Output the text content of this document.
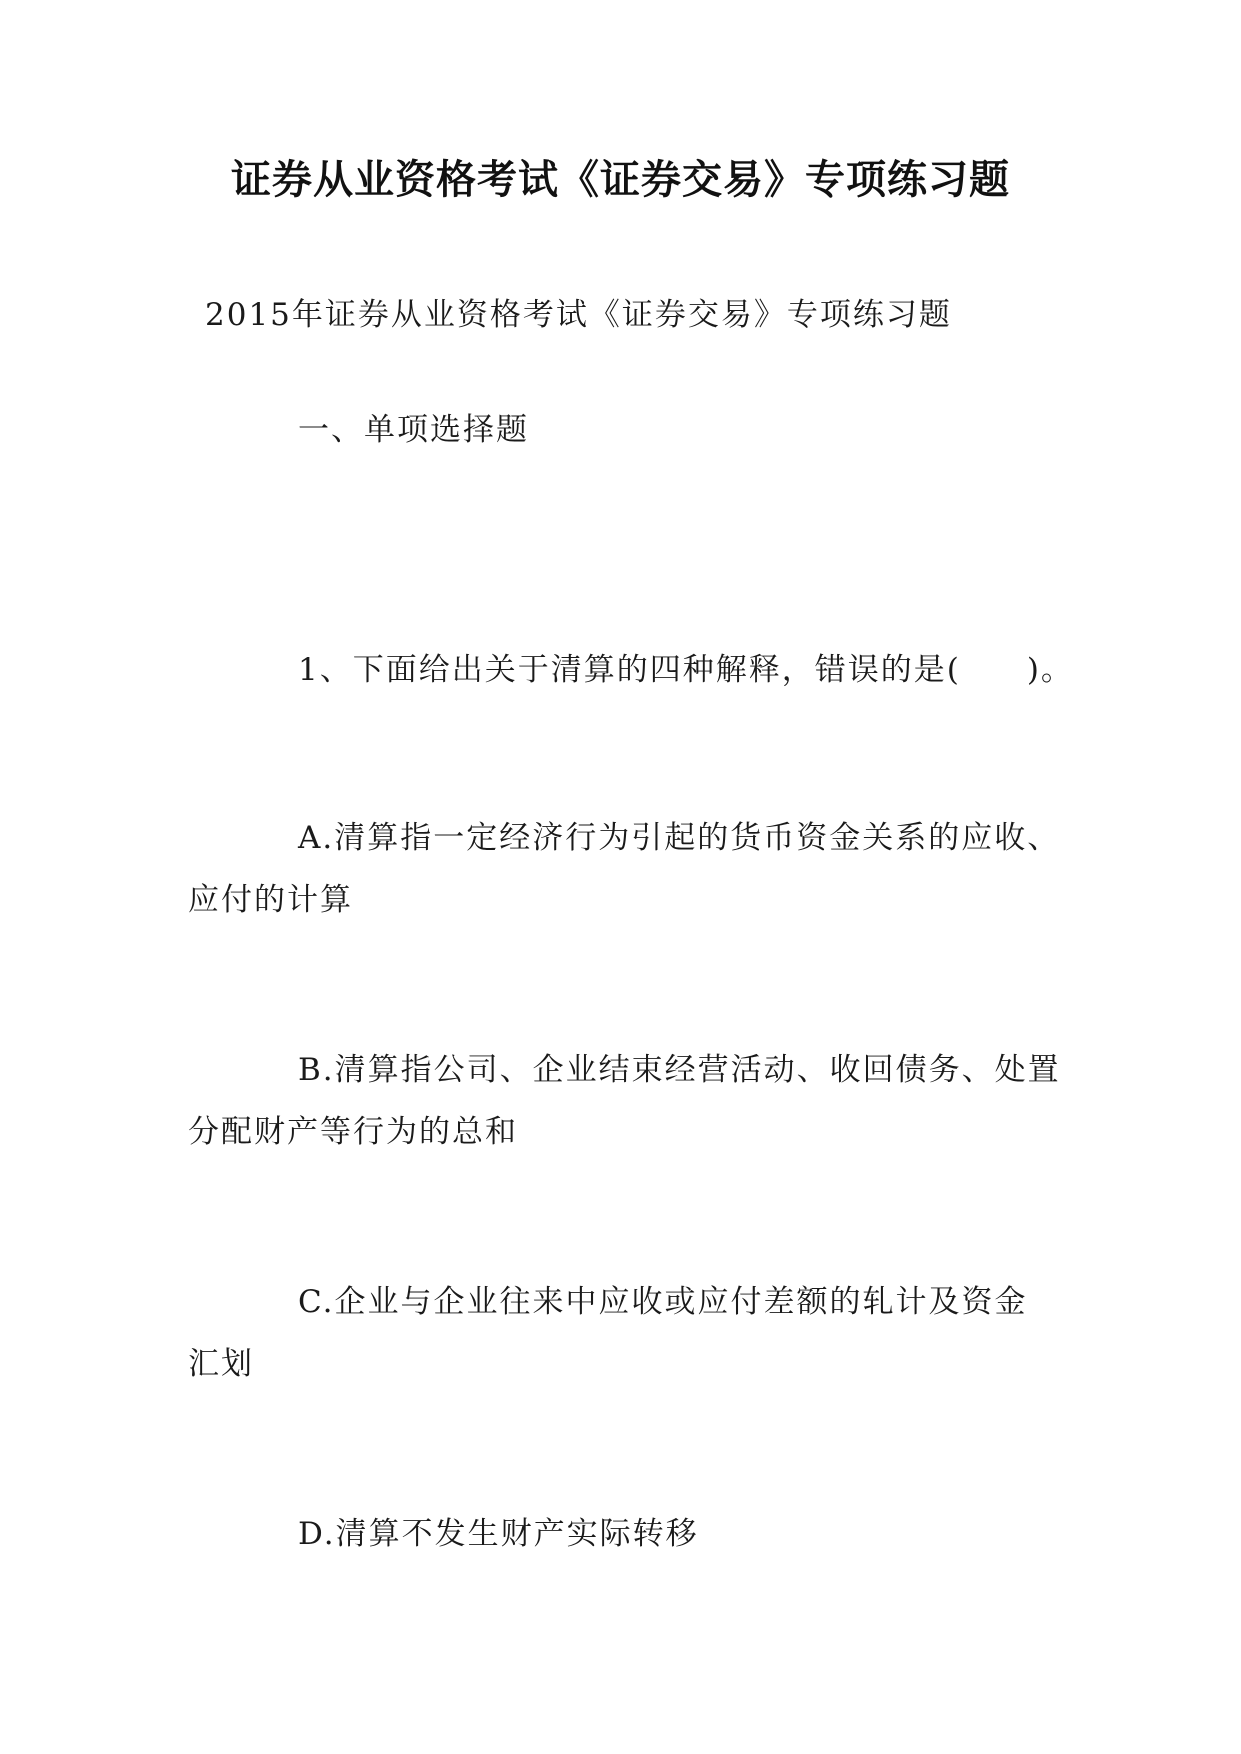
证券从业资格考试《证券交易》专项练习题
2015年证券从业资格考试《证券交易》专项练习题
一、单项选择题
1、下面给出关于清算的四种解释，错误的是(　　)。
A.清算指一定经济行为引起的货币资金关系的应收、
应付的计算
B.清算指公司、企业结束经营活动、收回债务、处置
分配财产等行为的总和
C.企业与企业往来中应收或应付差额的轧计及资金
汇划
D.清算不发生财产实际转移
